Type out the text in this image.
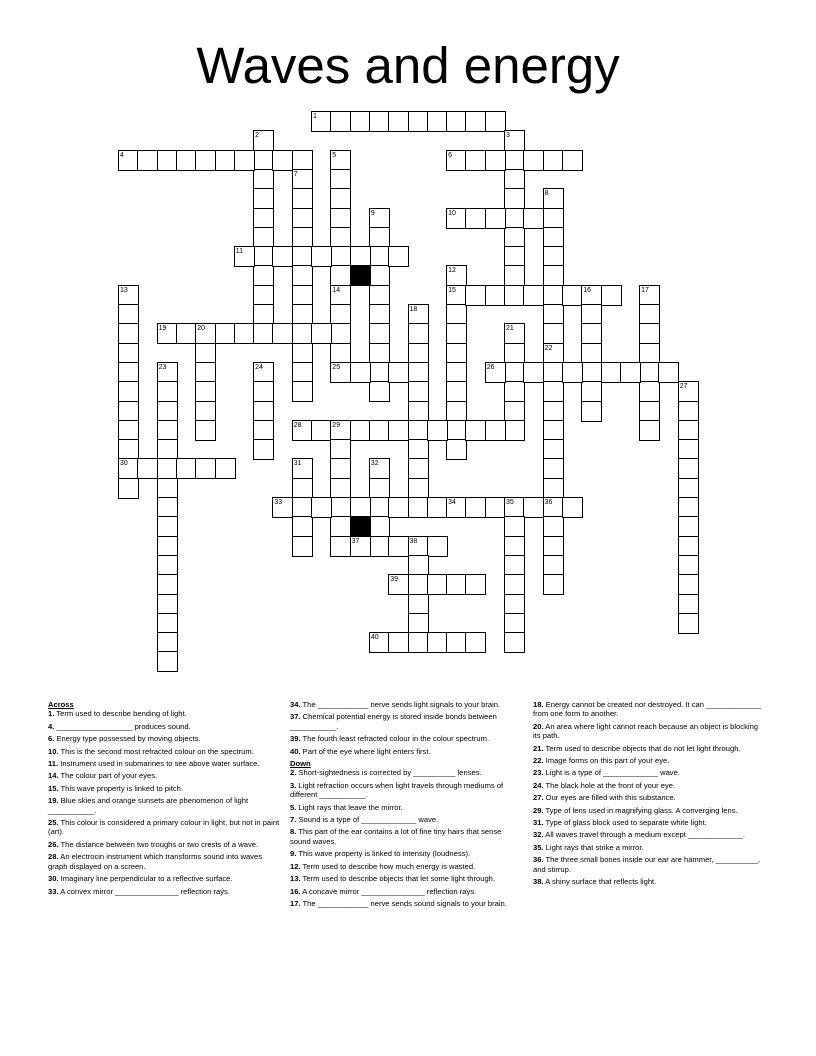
Waves and energy
1
2	3
4	5
14
6
7
8
22
36
9	10
11
12
15
13
30
25
16	17
18
19	20	21
23	24	26
27
28	29
31	32
33	34	35
37	38
39
40

Across

1. Term used to describe bending of light.

4. __________________ produces sound.

6. Energy type possessed by moving objects.

10. This is the second most refracted colour on the spectrum.

11. Instrument used in submarines to see above water surface.

14. The colour part of your eyes.

15. This wave property is linked to pitch.

19. Blue skies and orange sunsets are phenomenon of light ___________.

25. This colour is considered a primary colour in light, but not in paint (art).

26. The distance between two troughs or two crests of a wave.

28. An electrocin instrument which transforms sound into waves graph displayed on a screen.

30. Imaginary line perpendicular to a reflective surface.

33. A convex mirror _______________ reflection rays.

34. The ____________ nerve sends light signals to your brain.

37. Chemical potential energy is stored inside bonds between ___________.

39. The fourth least refracted colour in the colour spectrum.

40. Part of the eye where light enters first.

Down

2. Short-sightedness is corrected by __________ lenses.

3. Light refraction occurs when light travels through mediums of different ___________.

5. Light rays that leave the mirror.

7. Sound is a type of _____________ wave.

8. This part of the ear contains a lot of fine tiny hairs that sense sound waves.

9. This wave property is linked to intensity (loudness).

12. Term used to describe how much energy is wasted.

13. Term used to describe objects that let some light through.

16. A concave mirror _______________ reflection rays.

17. The ____________ nerve sends sound signals to your brain.

18. Energy cannot be created nor destroyed. It can _____________ from one form to another.

20. An area where light cannot reach because an object is blocking its path.

21. Term used to describe objects that do not let light through.

22. Image forms on this part of your eye.

23. Light is a type of _____________ wave.

24. The black hole at the front of your eye.

27. Our eyes are filled with this substance.

29. Type of lens used in magnifying glass. A converging lens.

31. Type of glass block used to separate white light.

32. All waves travel through a medium except _____________.

35. Light rays that strike a mirror.

36. The three small bones inside our ear are hammer, __________, and stirrup.

38. A shiny surface that reflects light.
